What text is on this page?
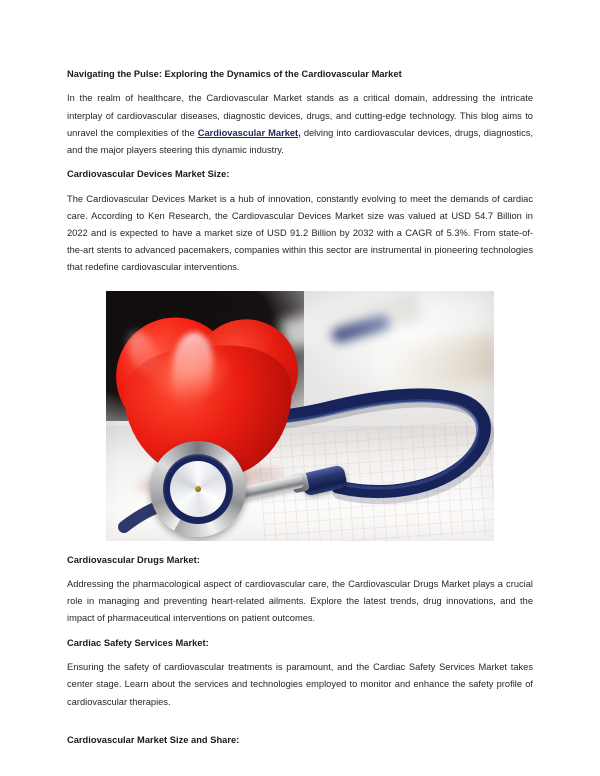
Navigating the Pulse: Exploring the Dynamics of the Cardiovascular Market

In the realm of healthcare, the Cardiovascular Market stands as a critical domain, addressing the intricate interplay of cardiovascular diseases, diagnostic devices, drugs, and cutting-edge technology. This blog aims to unravel the complexities of the Cardiovascular Market, delving into cardiovascular devices, drugs, diagnostics, and the major players steering this dynamic industry.

Cardiovascular Devices Market Size:

The Cardiovascular Devices Market is a hub of innovation, constantly evolving to meet the demands of cardiac care. According to Ken Research, the Cardiovascular Devices Market size was valued at USD 54.7 Billion in 2022 and is expected to have a market size of USD 91.2 Billion by 2032 with a CAGR of 5.3%. From state-of-the-art stents to advanced pacemakers, companies within this sector are instrumental in pioneering technologies that redefine cardiovascular interventions.

Cardiovascular Drugs Market:

Addressing the pharmacological aspect of cardiovascular care, the Cardiovascular Drugs Market plays a crucial role in managing and preventing heart-related ailments. Explore the latest trends, drug innovations, and the impact of pharmaceutical interventions on patient outcomes.

Cardiac Safety Services Market:

Ensuring the safety of cardiovascular treatments is paramount, and the Cardiac Safety Services Market takes center stage. Learn about the services and technologies employed to monitor and enhance the safety profile of cardiovascular therapies.

Cardiovascular Market Size and Share:
